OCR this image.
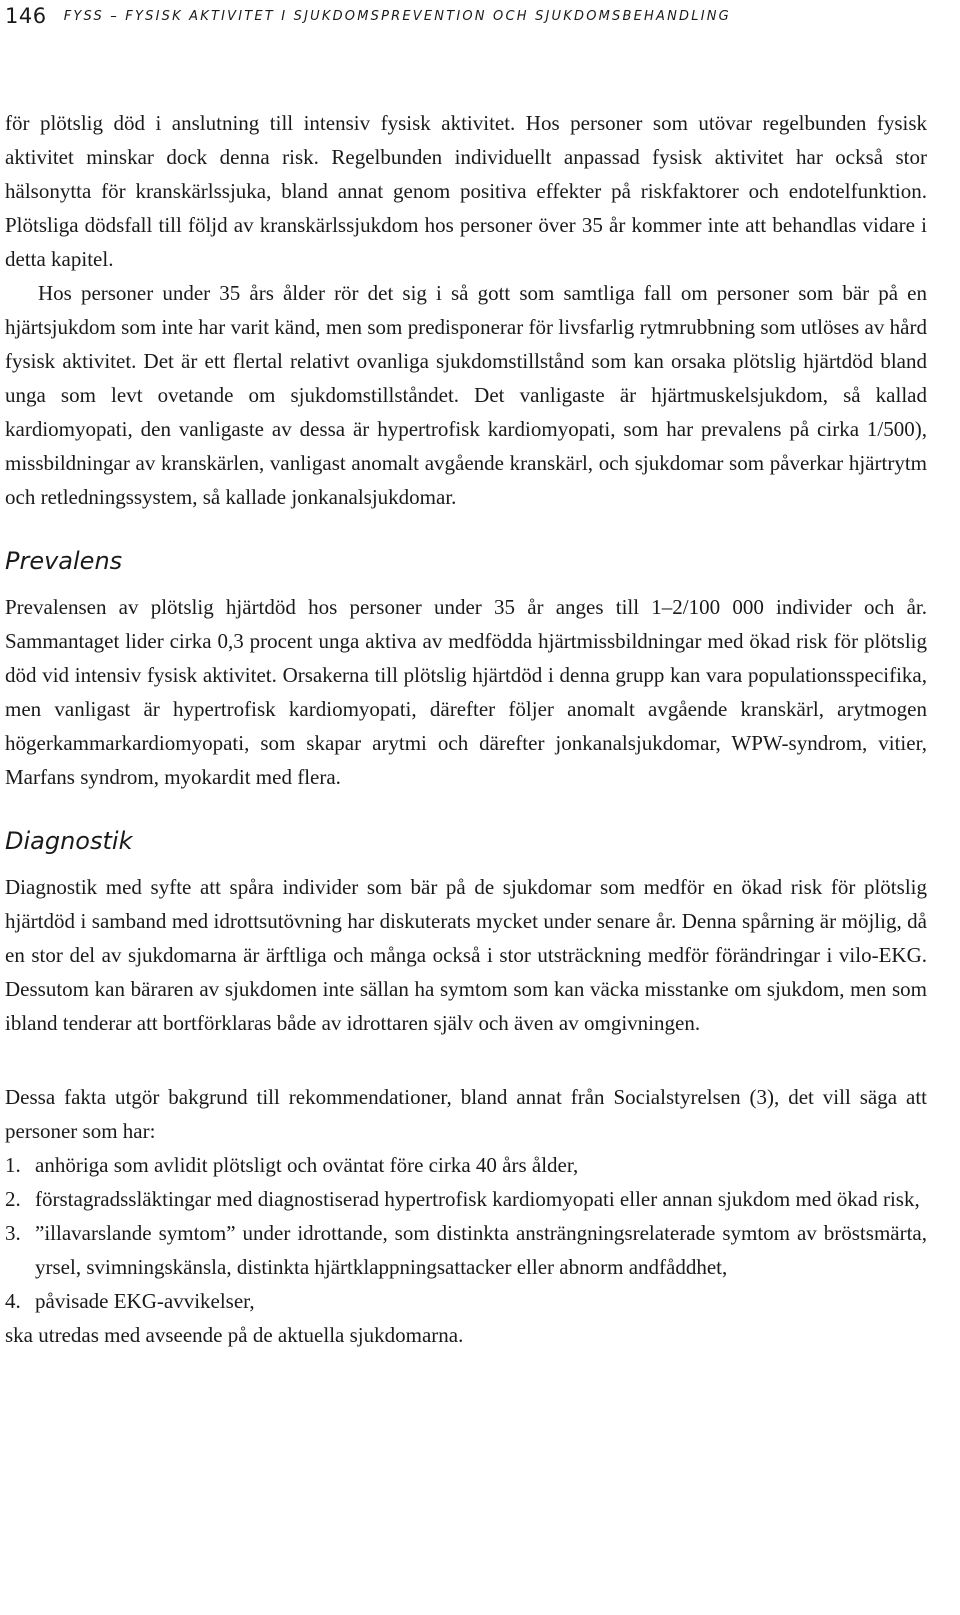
146 FYSS – FYSISK AKTIVITET I SJUKDOMSPREVENTION OCH SJUKDOMSBEHANDLING

för plötslig död i anslutning till intensiv fysisk aktivitet. Hos personer som utövar regelbunden fysisk aktivitet minskar dock denna risk. Regelbunden individuellt anpassad fysisk aktivitet har också stor hälsonytta för kranskärlssjuka, bland annat genom positiva effekter på riskfaktorer och endotelfunktion. Plötsliga dödsfall till följd av kranskärlssjukdom hos personer över 35 år kommer inte att behandlas vidare i detta kapitel.

Hos personer under 35 års ålder rör det sig i så gott som samtliga fall om personer som bär på en hjärtsjukdom som inte har varit känd, men som predisponerar för livsfarlig rytmrubbning som utlöses av hård fysisk aktivitet. Det är ett flertal relativt ovanliga sjukdomstillstånd som kan orsaka plötslig hjärtdöd bland unga som levt ovetande om sjukdomstillståndet. Det vanligaste är hjärtmuskelsjukdom, så kallad kardiomyopati, den vanligaste av dessa är hypertrofisk kardiomyopati, som har prevalens på cirka 1/500), missbildningar av kranskärlen, vanligast anomalt avgående kranskärl, och sjukdomar som påverkar hjärtrytm och retledningssystem, så kallade jonkanalsjukdomar.

Prevalens

Prevalensen av plötslig hjärtdöd hos personer under 35 år anges till 1–2/100 000 individer och år. Sammantaget lider cirka 0,3 procent unga aktiva av medfödda hjärtmissbildningar med ökad risk för plötslig död vid intensiv fysisk aktivitet. Orsakerna till plötslig hjärtdöd i denna grupp kan vara populationsspecifika, men vanligast är hypertrofisk kardiomyopati, därefter följer anomalt avgående kranskärl, arytmogen högerkammarkardiomyopati, som skapar arytmi och därefter jonkanalsjukdomar, WPW-syndrom, vitier, Marfans syndrom, myokardit med flera.

Diagnostik

Diagnostik med syfte att spåra individer som bär på de sjukdomar som medför en ökad risk för plötslig hjärtdöd i samband med idrottsutövning har diskuterats mycket under senare år. Denna spårning är möjlig, då en stor del av sjukdomarna är ärftliga och många också i stor utsträckning medför förändringar i vilo-EKG. Dessutom kan bäraren av sjukdomen inte sällan ha symtom som kan väcka misstanke om sjukdom, men som ibland tenderar att bortförklaras både av idrottaren själv och även av omgivningen.

Dessa fakta utgör bakgrund till rekommendationer, bland annat från Socialstyrelsen (3), det vill säga att personer som har:

1. anhöriga som avlidit plötsligt och oväntat före cirka 40 års ålder,
2. förstagradssläktingar med diagnostiserad hypertrofisk kardiomyopati eller annan sjukdom med ökad risk,
3. ”illavarslande symtom” under idrottande, som distinkta ansträngningsrelaterade symtom av bröstsmärta, yrsel, svimningskänsla, distinkta hjärtklappningsattacker eller abnorm andfåddhet,
4. påvisade EKG-avvikelser,

ska utredas med avseende på de aktuella sjukdomarna.
